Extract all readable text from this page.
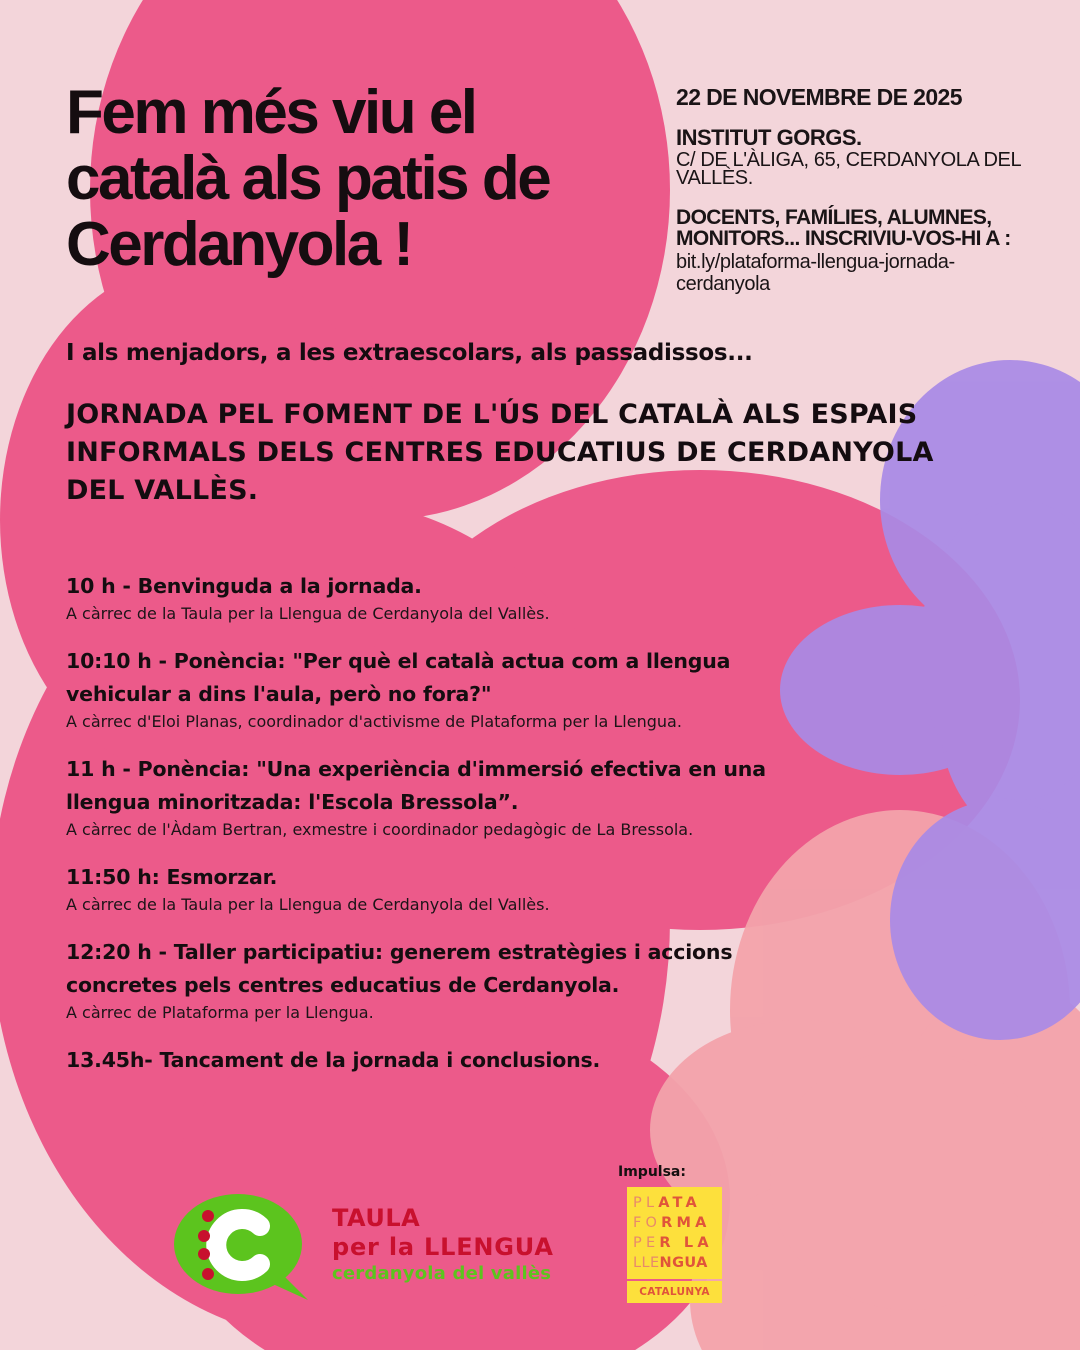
Fem més viu el
català als patis de
Cerdanyola !

22 DE NOVEMBRE DE 2025

INSTITUT GORGS.

C/ DE L'ÀLIGA, 65, CERDANYOLA DEL VALLÈS.

DOCENTS, FAMÍLIES, ALUMNES, MONITORS... INSCRIVIU-VOS-HI A :

bit.ly/plataforma-llengua-jornada-cerdanyola

I als menjadors, a les extraescolars, als passadissos...

JORNADA PEL FOMENT DE L'ÚS DEL CATALÀ ALS ESPAIS INFORMALS DELS CENTRES EDUCATIUS DE CERDANYOLA DEL VALLÈS.
10 h - Benvinguda a la jornada.
A càrrec de la Taula per la Llengua de Cerdanyola del Vallès.
10:10 h - Ponència: "Per què el català actua com a llengua vehicular a dins l'aula, però no fora?"
A càrrec d'Eloi Planas, coordinador d'activisme de Plataforma per la Llengua.
11 h - Ponència: "Una experiència d'immersió efectiva en una llengua minoritzada: l'Escola Bressola”.
A càrrec de l'Àdam Bertran, exmestre i coordinador pedagògic de La Bressola.
11:50 h: Esmorzar.
A càrrec de la Taula per la Llengua de Cerdanyola del Vallès.
12:20 h - Taller participatiu: generem estratègies i accions concretes pels centres educatius de Cerdanyola.
A càrrec de Plataforma per la Llengua.
13.45h- Tancament de la jornada i conclusions.
TAULA
per la LLENGUA
cerdanyola del vallès

Impulsa:

PLATA
FORMA
PER LA
LLENGUA
CATALUNYA
